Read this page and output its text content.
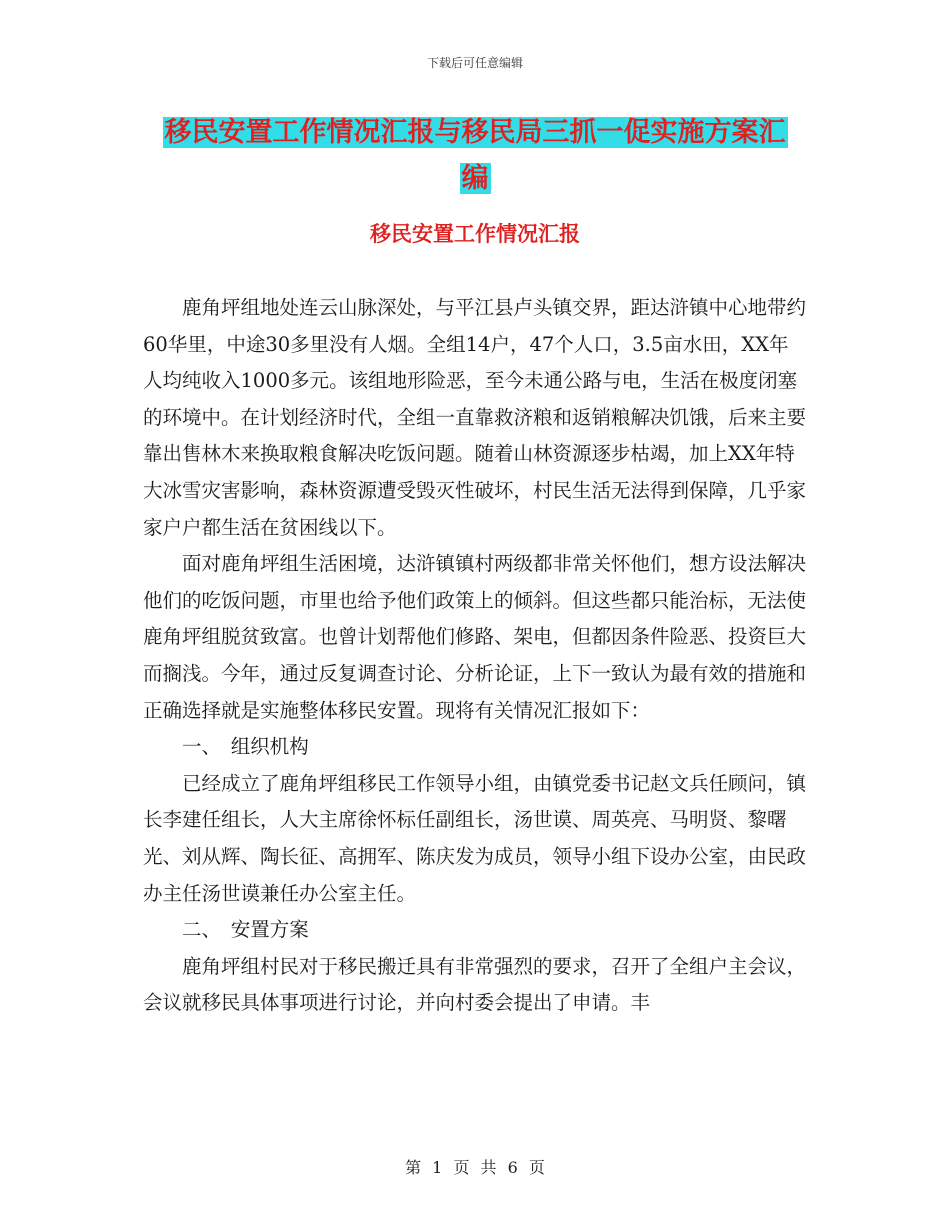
下载后可任意编辑
移民安置工作情况汇报与移民局三抓一促实施方案汇
编
移民安置工作情况汇报

鹿角坪组地处连云山脉深处，与平江县卢头镇交界，距达浒镇中心地带约60华里，中途30多里没有人烟。全组14户，47个人口，3.5亩水田，XX年人均纯收入1000多元。该组地形险恶，至今未通公路与电，生活在极度闭塞的环境中。在计划经济时代，全组一直靠救济粮和返销粮解决饥饿，后来主要靠出售林木来换取粮食解决吃饭问题。随着山林资源逐步枯竭，加上XX年特大冰雪灾害影响，森林资源遭受毁灭性破坏，村民生活无法得到保障，几乎家家户户都生活在贫困线以下。

面对鹿角坪组生活困境，达浒镇镇村两级都非常关怀他们，想方设法解决他们的吃饭问题，市里也给予他们政策上的倾斜。但这些都只能治标，无法使鹿角坪组脱贫致富。也曾计划帮他们修路、架电，但都因条件险恶、投资巨大而搁浅。今年，通过反复调查讨论、分析论证，上下一致认为最有效的措施和正确选择就是实施整体移民安置。现将有关情况汇报如下：

一、　组织机构

已经成立了鹿角坪组移民工作领导小组，由镇党委书记赵文兵任顾问，镇长李建任组长，人大主席徐怀标任副组长，汤世谟、周英亮、马明贤、黎曙光、刘从辉、陶长征、高拥军、陈庆发为成员，领导小组下设办公室，由民政办主任汤世谟兼任办公室主任。

二、　安置方案

鹿角坪组村民对于移民搬迁具有非常强烈的要求，召开了全组户主会议，会议就移民具体事项进行讨论，并向村委会提出了申请。丰

第 1 页 共 6 页
